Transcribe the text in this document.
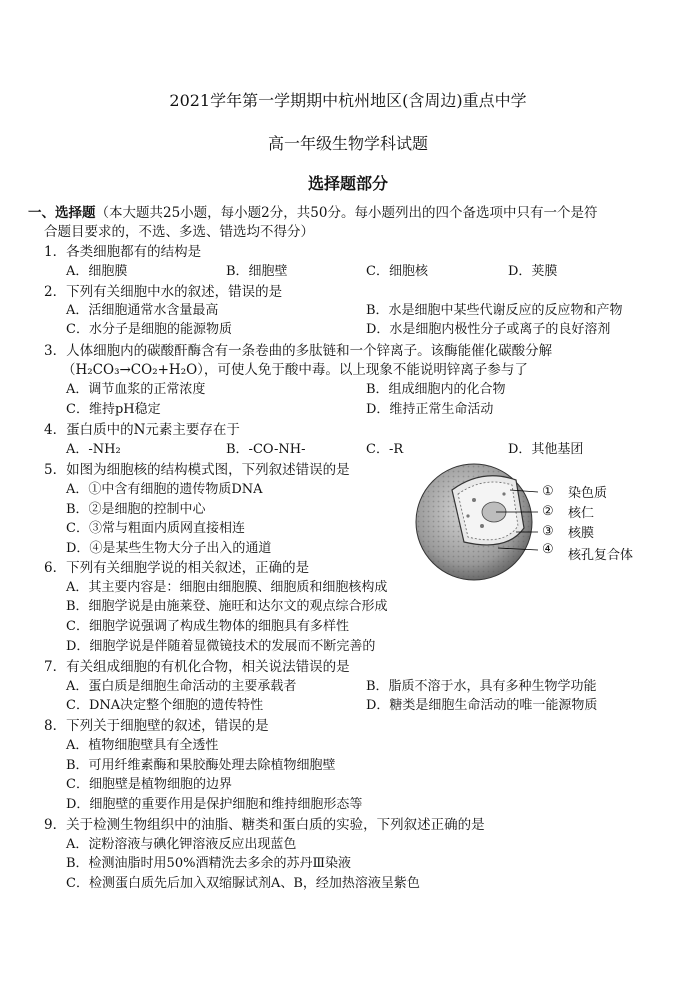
2021学年第一学期期中杭州地区(含周边)重点中学
高一年级生物学科试题
选择题部分
一、选择题（本大题共25小题，每小题2分，共50分。每小题列出的四个备选项中只有一个是符
合题目要求的，不选、多选、错选均不得分）
1．各类细胞都有的结构是
A．细胞膜	B．细胞壁	C．细胞核	D．荚膜
2．下列有关细胞中水的叙述，错误的是
A．活细胞通常水含量最高	B．水是细胞中某些代谢反应的反应物和产物
C．水分子是细胞的能源物质	D．水是细胞内极性分子或离子的良好溶剂
3．人体细胞内的碳酸酐酶含有一条卷曲的多肽链和一个锌离子。该酶能催化碳酸分解
（H₂CO₃→CO₂+H₂O），可使人免于酸中毒。以上现象不能说明锌离子参与了
A．调节血浆的正常浓度	B．组成细胞内的化合物
C．维持pH稳定	D．维持正常生命活动
4．蛋白质中的N元素主要存在于
A．-NH₂	B．-CO-NH-	C．-R	D．其他基团
5．如图为细胞核的结构模式图，下列叙述错误的是
A．①中含有细胞的遗传物质DNA
B．②是细胞的控制中心
C．③常与粗面内质网直接相连
D．④是某些生物大分子出入的通道
① 染色质
② 核仁
③ 核膜
④ 核孔复合体
6．下列有关细胞学说的相关叙述，正确的是
A．其主要内容是：细胞由细胞膜、细胞质和细胞核构成
B．细胞学说是由施莱登、施旺和达尔文的观点综合形成
C．细胞学说强调了构成生物体的细胞具有多样性
D．细胞学说是伴随着显微镜技术的发展而不断完善的
7．有关组成细胞的有机化合物，相关说法错误的是
A．蛋白质是细胞生命活动的主要承载者	B．脂质不溶于水，具有多种生物学功能
C．DNA决定整个细胞的遗传特性	D．糖类是细胞生命活动的唯一能源物质
8．下列关于细胞壁的叙述，错误的是
A．植物细胞壁具有全透性
B．可用纤维素酶和果胶酶处理去除植物细胞壁
C．细胞壁是植物细胞的边界
D．细胞壁的重要作用是保护细胞和维持细胞形态等
9．关于检测生物组织中的油脂、糖类和蛋白质的实验，下列叙述正确的是
A．淀粉溶液与碘化钾溶液反应出现蓝色
B．检测油脂时用50%酒精洗去多余的苏丹Ⅲ染液
C．检测蛋白质先后加入双缩脲试剂A、B，经加热溶液呈紫色
